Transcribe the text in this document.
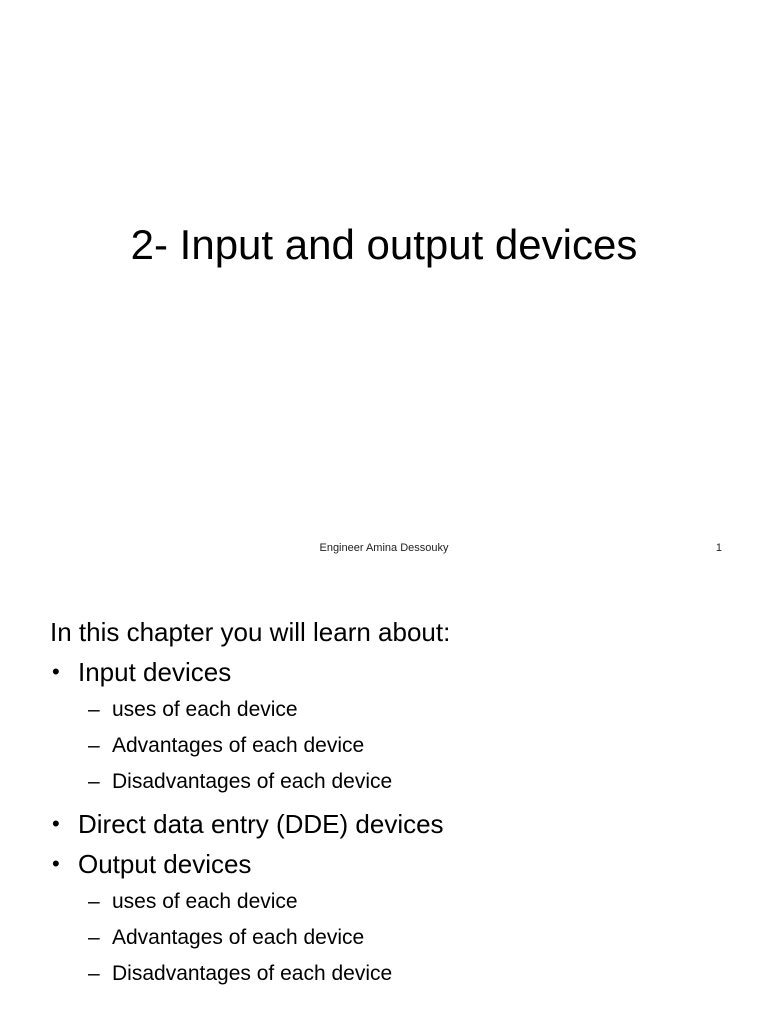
2- Input and output devices
Engineer Amina Dessouky	1

In this chapter you will learn about:

• Input devices
– uses of each device
– Advantages of each device
– Disadvantages of each device
• Direct data entry (DDE) devices
• Output devices
– uses of each device
– Advantages of each device
– Disadvantages of each device
